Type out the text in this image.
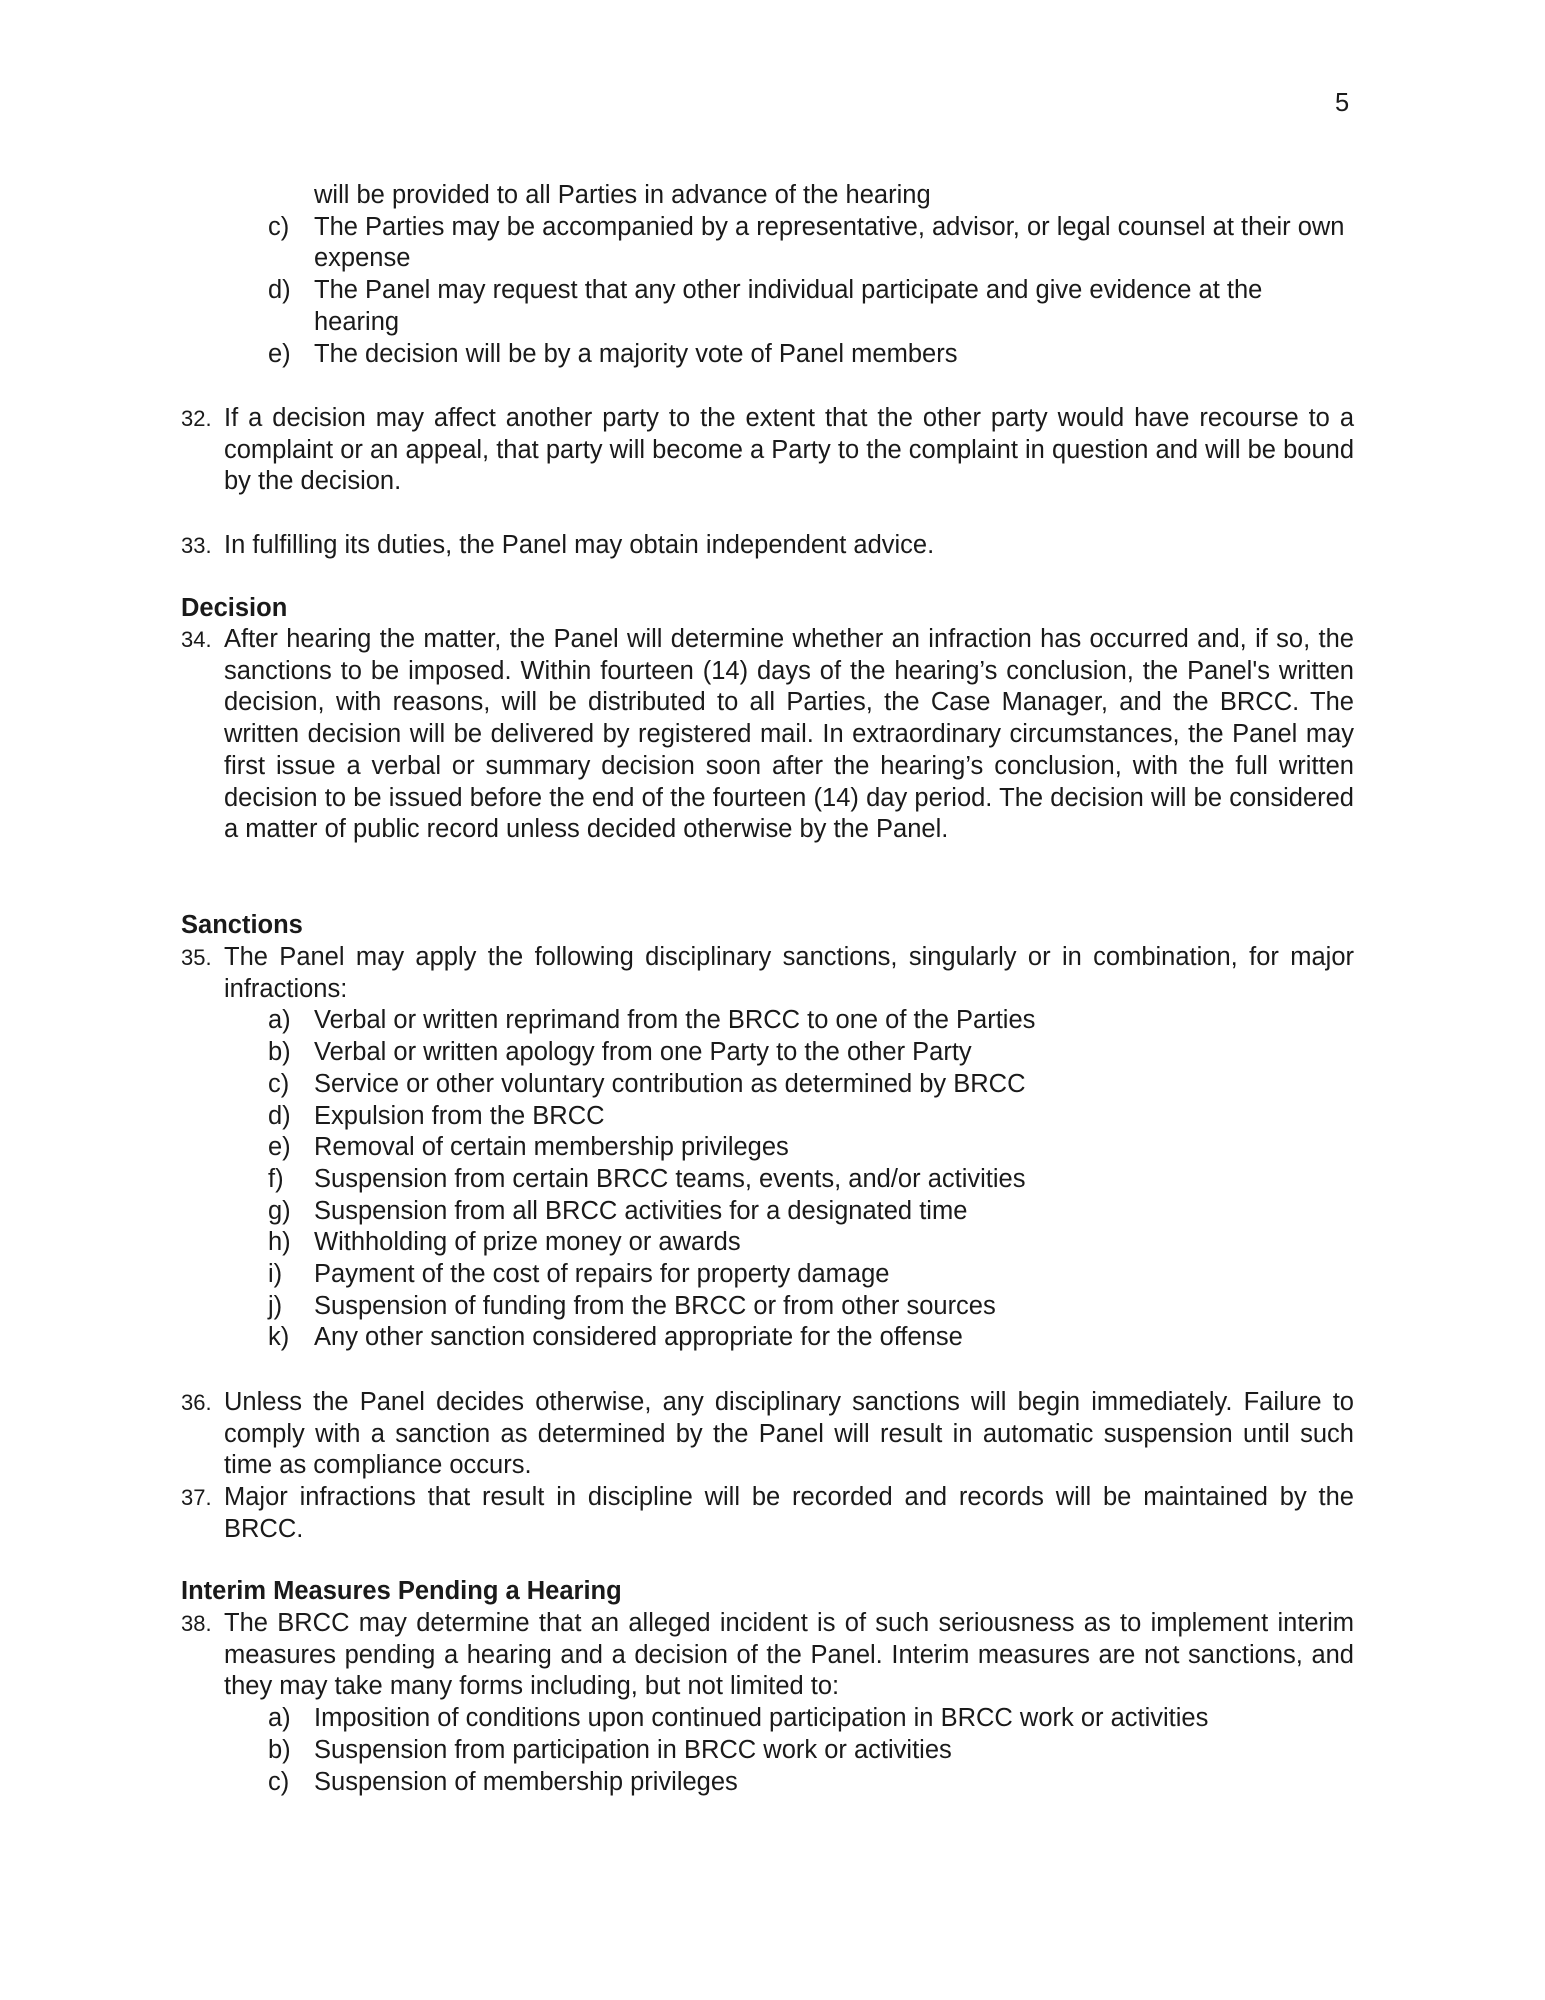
5
will be provided to all Parties in advance of the hearing
c) The Parties may be accompanied by a representative, advisor, or legal counsel at their own expense
d) The Panel may request that any other individual participate and give evidence at the hearing
e) The decision will be by a majority vote of Panel members
32. If a decision may affect another party to the extent that the other party would have recourse to a complaint or an appeal, that party will become a Party to the complaint in question and will be bound by the decision.
33. In fulfilling its duties, the Panel may obtain independent advice.
Decision
34. After hearing the matter, the Panel will determine whether an infraction has occurred and, if so, the sanctions to be imposed. Within fourteen (14) days of the hearing’s conclusion, the Panel's written decision, with reasons, will be distributed to all Parties, the Case Manager, and the BRCC. The written decision will be delivered by registered mail. In extraordinary circumstances, the Panel may first issue a verbal or summary decision soon after the hearing’s conclusion, with the full written decision to be issued before the end of the fourteen (14) day period. The decision will be considered a matter of public record unless decided otherwise by the Panel.
Sanctions
35. The Panel may apply the following disciplinary sanctions, singularly or in combination, for major infractions:
a) Verbal or written reprimand from the BRCC to one of the Parties
b) Verbal or written apology from one Party to the other Party
c) Service or other voluntary contribution as determined by BRCC
d) Expulsion from the BRCC
e) Removal of certain membership privileges
f)	Suspension from certain BRCC teams, events, and/or activities
g) Suspension from all BRCC activities for a designated time
h) Withholding of prize money or awards
i)	Payment of the cost of repairs for property damage
j)	Suspension of funding from the BRCC or from other sources
k) Any other sanction considered appropriate for the offense
36. Unless the Panel decides otherwise, any disciplinary sanctions will begin immediately. Failure to comply with a sanction as determined by the Panel will result in automatic suspension until such time as compliance occurs.
37. Major infractions that result in discipline will be recorded and records will be maintained by the BRCC.
Interim Measures Pending a Hearing
38. The BRCC may determine that an alleged incident is of such seriousness as to implement interim measures pending a hearing and a decision of the Panel. Interim measures are not sanctions, and they may take many forms including, but not limited to:
a) Imposition of conditions upon continued participation in BRCC work or activities
b) Suspension from participation in BRCC work or activities
c) Suspension of membership privileges
